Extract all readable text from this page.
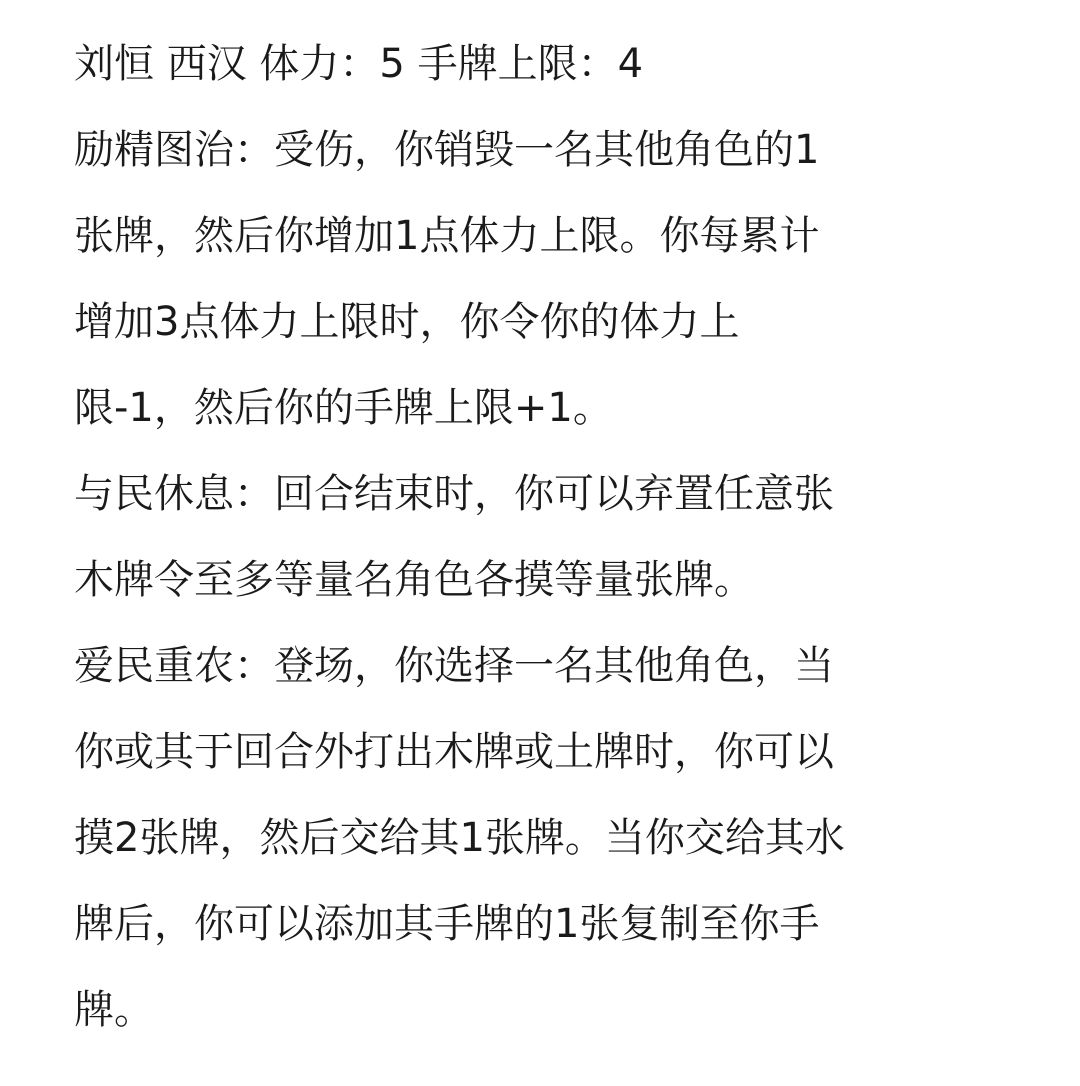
刘恒 西汉 体力：5 手牌上限：4
励精图治：受伤，你销毁一名其他角色的1
张牌，然后你增加1点体力上限。你每累计
增加3点体力上限时，你令你的体力上
限-1，然后你的手牌上限+1。
与民休息：回合结束时，你可以弃置任意张
木牌令至多等量名角色各摸等量张牌。
爱民重农：登场，你选择一名其他角色，当
你或其于回合外打出木牌或土牌时，你可以
摸2张牌，然后交给其1张牌。当你交给其水
牌后，你可以添加其手牌的1张复制至你手
牌。
